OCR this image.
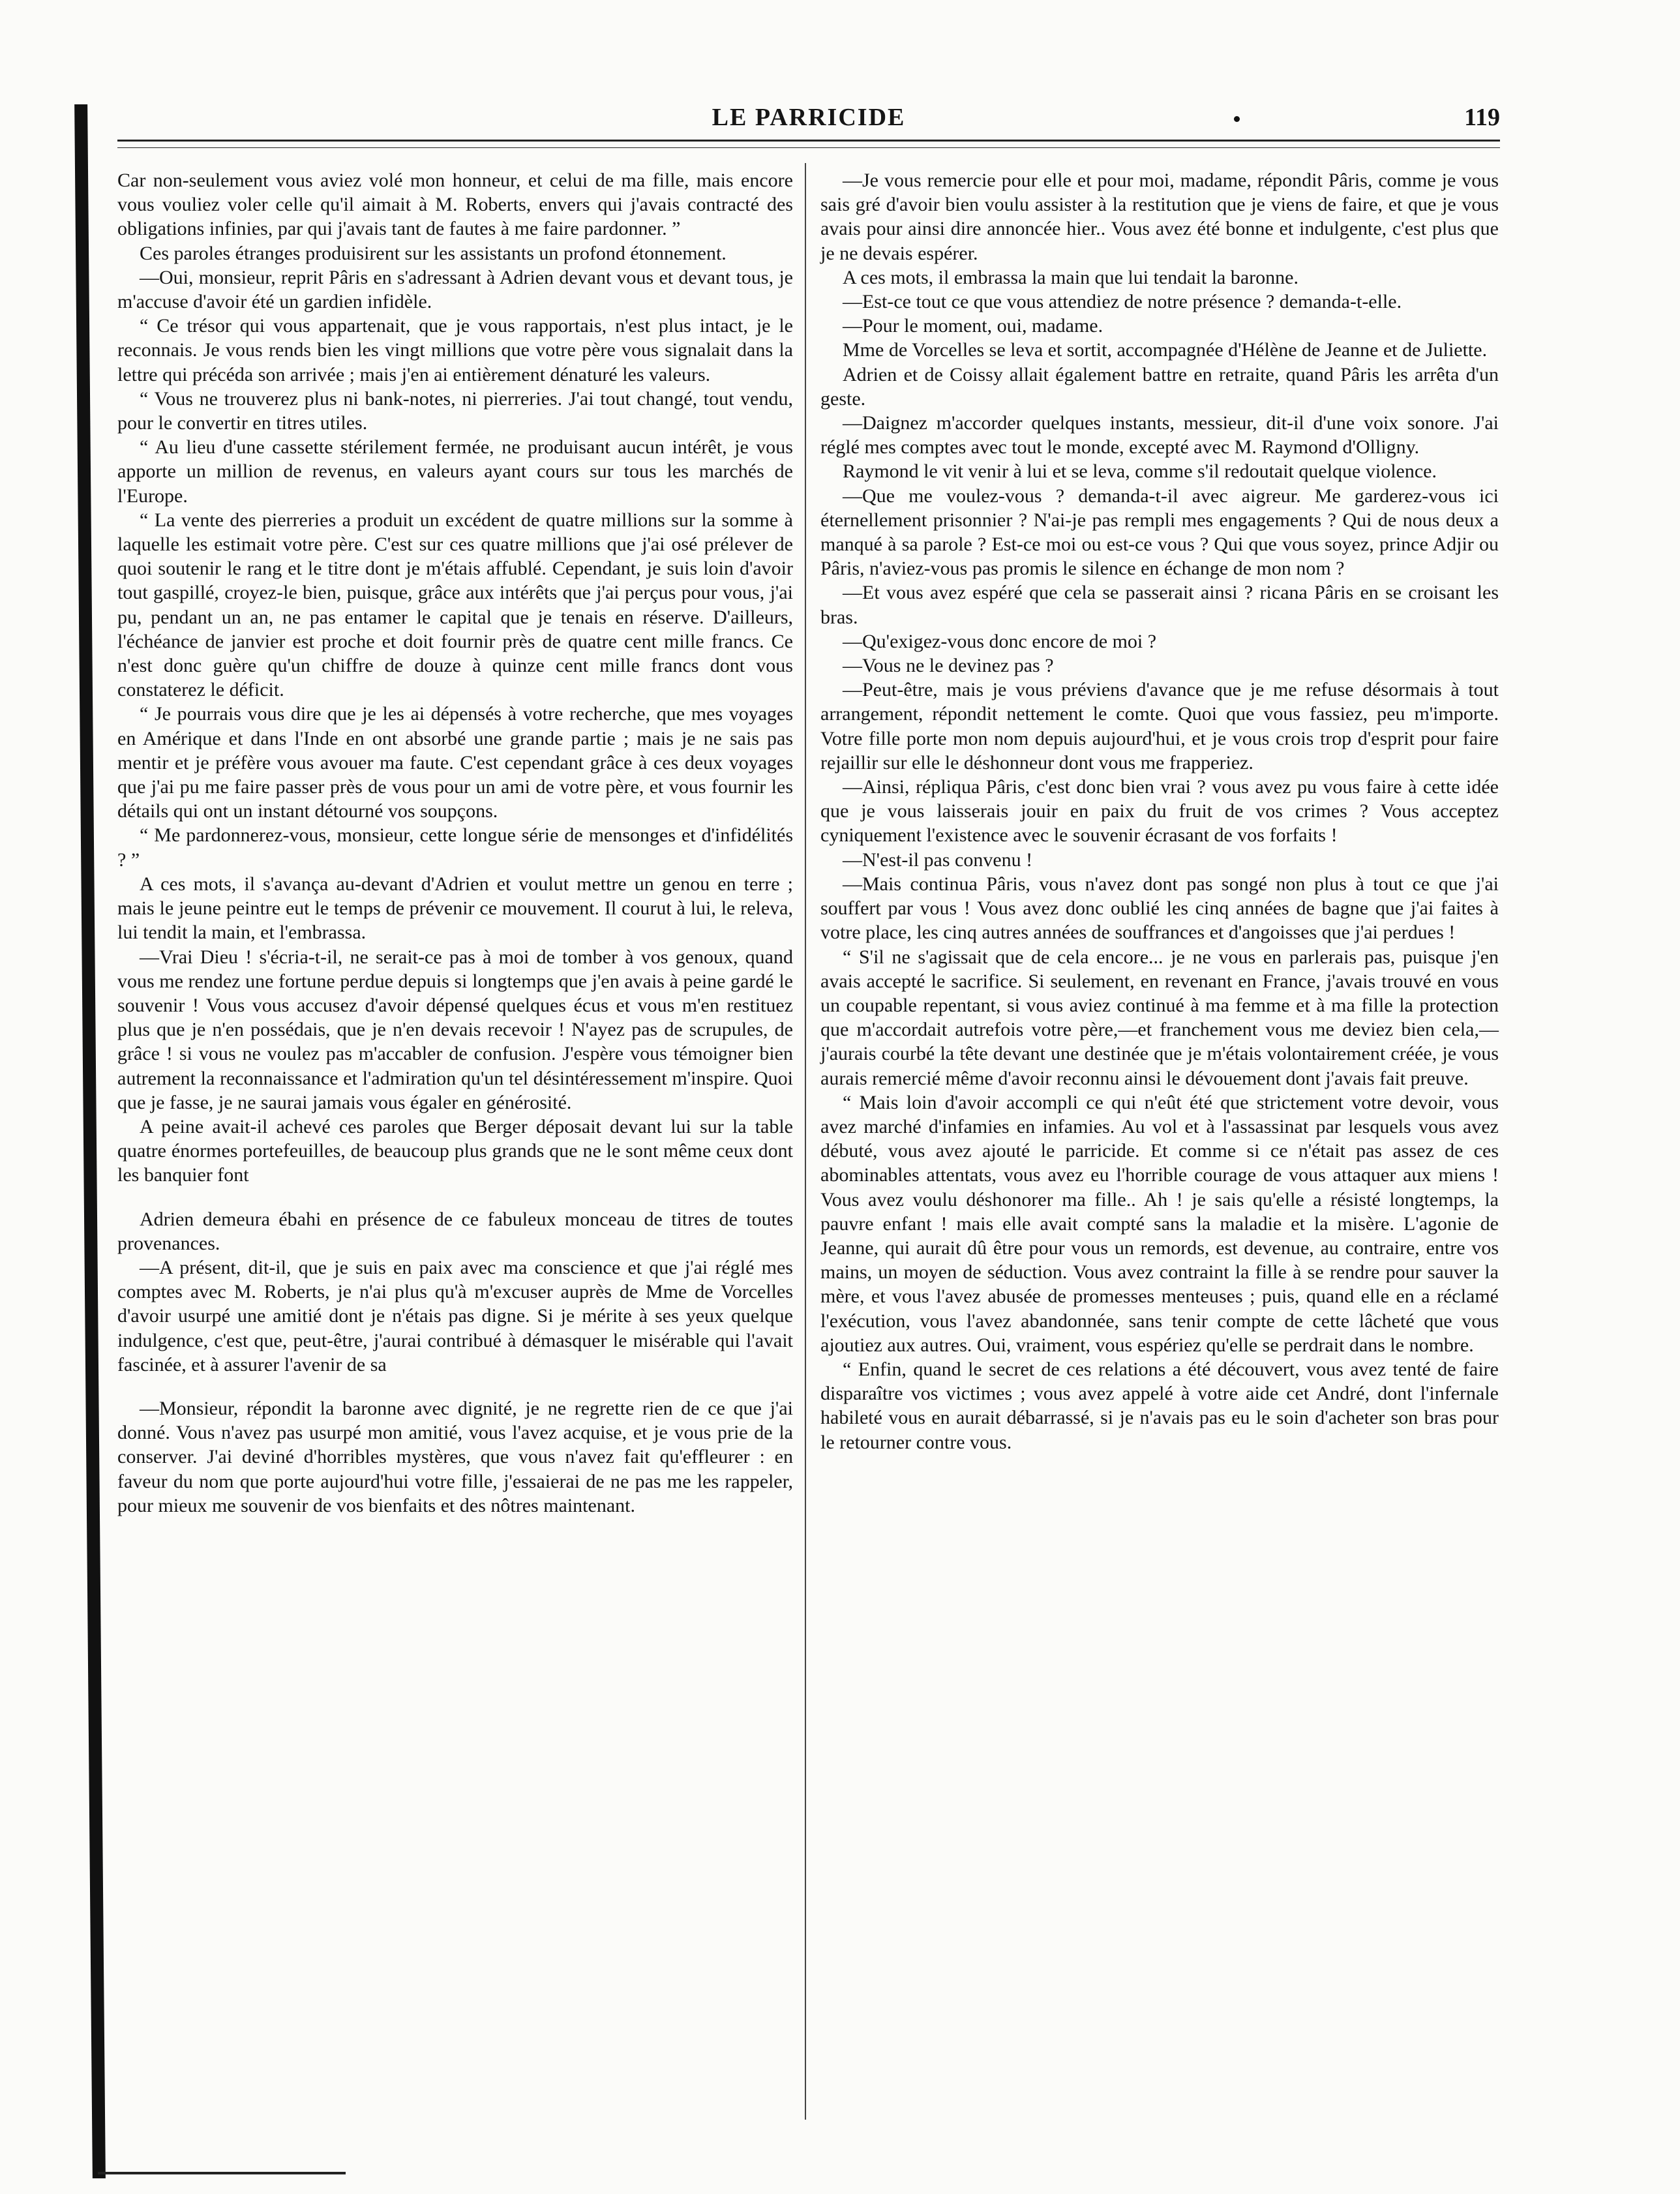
LE PARRICIDE	119

Car non-seulement vous aviez volé mon honneur, et celui de ma fille, mais encore vous vouliez voler celle qu'il aimait à M. Roberts, envers qui j'avais contracté des obligations infinies, par qui j'avais tant de fautes à me faire pardonner. ”

Ces paroles étranges produisirent sur les assistants un profond étonnement.

—Oui, monsieur, reprit Pâris en s'adressant à Adrien devant vous et devant tous, je m'accuse d'avoir été un gardien infidèle.

“ Ce trésor qui vous appartenait, que je vous rapportais, n'est plus intact, je le reconnais. Je vous rends bien les vingt millions que votre père vous signalait dans la lettre qui précéda son arrivée ; mais j'en ai entièrement dénaturé les valeurs.

“ Vous ne trouverez plus ni bank-notes, ni pierreries. J'ai tout changé, tout vendu, pour le convertir en titres utiles.

“ Au lieu d'une cassette stérilement fermée, ne produisant aucun intérêt, je vous apporte un million de revenus, en valeurs ayant cours sur tous les marchés de l'Europe.

“ La vente des pierreries a produit un excédent de quatre millions sur la somme à laquelle les estimait votre père. C'est sur ces quatre millions que j'ai osé prélever de quoi soutenir le rang et le titre dont je m'étais affublé. Cependant, je suis loin d'avoir tout gaspillé, croyez-le bien, puisque, grâce aux intérêts que j'ai perçus pour vous, j'ai pu, pendant un an, ne pas entamer le capital que je tenais en réserve. D'ailleurs, l'échéance de janvier est proche et doit fournir près de quatre cent mille francs. Ce n'est donc guère qu'un chiffre de douze à quinze cent mille francs dont vous constaterez le déficit.

“ Je pourrais vous dire que je les ai dépensés à votre recherche, que mes voyages en Amérique et dans l'Inde en ont absorbé une grande partie ; mais je ne sais pas mentir et je préfère vous avouer ma faute. C'est cependant grâce à ces deux voyages que j'ai pu me faire passer près de vous pour un ami de votre père, et vous fournir les détails qui ont un instant détourné vos soupçons.

“ Me pardonnerez-vous, monsieur, cette longue série de mensonges et d'infidélités ? ”

A ces mots, il s'avança au-devant d'Adrien et voulut mettre un genou en terre ; mais le jeune peintre eut le temps de prévenir ce mouvement. Il courut à lui, le releva, lui tendit la main, et l'embrassa.

—Vrai Dieu ! s'écria-t-il, ne serait-ce pas à moi de tomber à vos genoux, quand vous me rendez une fortune perdue depuis si longtemps que j'en avais à peine gardé le souvenir ! Vous vous accusez d'avoir dépensé quelques écus et vous m'en restituez plus que je n'en possédais, que je n'en devais recevoir ! N'ayez pas de scrupules, de grâce ! si vous ne voulez pas m'accabler de confusion. J'espère vous témoigner bien autrement la reconnaissance et l'admiration qu'un tel désintéressement m'inspire. Quoi que je fasse, je ne saurai jamais vous égaler en générosité.

A peine avait-il achevé ces paroles que Berger déposait devant lui sur la table quatre énormes portefeuilles, de beaucoup plus grands que ne le sont même ceux dont les banquier font

Adrien demeura ébahi en présence de ce fabuleux monceau de titres de toutes provenances.

—A présent, dit-il, que je suis en paix avec ma conscience et que j'ai réglé mes comptes avec M. Roberts, je n'ai plus qu'à m'excuser auprès de Mme de Vorcelles d'avoir usurpé une amitié dont je n'étais pas digne. Si je mérite à ses yeux quelque indulgence, c'est que, peut-être, j'aurai contribué à démasquer le misérable qui l'avait fascinée, et à assurer l'avenir de sa

—Monsieur, répondit la baronne avec dignité, je ne regrette rien de ce que j'ai donné. Vous n'avez pas usurpé mon amitié, vous l'avez acquise, et je vous prie de la conserver. J'ai deviné d'horribles mystères, que vous n'avez fait qu'effleurer : en faveur du nom que porte aujourd'hui votre fille, j'essaierai de ne pas me les rappeler, pour mieux me souvenir de vos bienfaits et des nôtres maintenant.

—Je vous remercie pour elle et pour moi, madame, répondit Pâris, comme je vous sais gré d'avoir bien voulu assister à la restitution que je viens de faire, et que je vous avais pour ainsi dire annoncée hier.. Vous avez été bonne et indulgente, c'est plus que je ne devais espérer.

A ces mots, il embrassa la main que lui tendait la baronne.

—Est-ce tout ce que vous attendiez de notre présence ? demanda-t-elle.

—Pour le moment, oui, madame.

Mme de Vorcelles se leva et sortit, accompagnée d'Hélène de Jeanne et de Juliette.

Adrien et de Coissy allait également battre en retraite, quand Pâris les arrêta d'un geste.

—Daignez m'accorder quelques instants, messieur, dit-il d'une voix sonore. J'ai réglé mes comptes avec tout le monde, excepté avec M. Raymond d'Olligny.

Raymond le vit venir à lui et se leva, comme s'il redoutait quelque violence.

—Que me voulez-vous ? demanda-t-il avec aigreur. Me garderez-vous ici éternellement prisonnier ? N'ai-je pas rempli mes engagements ? Qui de nous deux a manqué à sa parole ? Est-ce moi ou est-ce vous ? Qui que vous soyez, prince Adjir ou Pâris, n'aviez-vous pas promis le silence en échange de mon nom ?

—Et vous avez espéré que cela se passerait ainsi ? ricana Pâris en se croisant les bras.

—Qu'exigez-vous donc encore de moi ?

—Vous ne le devinez pas ?

—Peut-être, mais je vous préviens d'avance que je me refuse désormais à tout arrangement, répondit nettement le comte. Quoi que vous fassiez, peu m'importe. Votre fille porte mon nom depuis aujourd'hui, et je vous crois trop d'esprit pour faire rejaillir sur elle le déshonneur dont vous me frapperiez.

—Ainsi, répliqua Pâris, c'est donc bien vrai ? vous avez pu vous faire à cette idée que je vous laisserais jouir en paix du fruit de vos crimes ? Vous acceptez cyniquement l'existence avec le souvenir écrasant de vos forfaits !

—N'est-il pas convenu !

—Mais continua Pâris, vous n'avez dont pas songé non plus à tout ce que j'ai souffert par vous ! Vous avez donc oublié les cinq années de bagne que j'ai faites à votre place, les cinq autres années de souffrances et d'angoisses que j'ai perdues !

“ S'il ne s'agissait que de cela encore... je ne vous en parlerais pas, puisque j'en avais accepté le sacrifice. Si seulement, en revenant en France, j'avais trouvé en vous un coupable repentant, si vous aviez continué à ma femme et à ma fille la protection que m'accordait autrefois votre père,—et franchement vous me deviez bien cela,—j'aurais courbé la tête devant une destinée que je m'étais volontairement créée, je vous aurais remercié même d'avoir reconnu ainsi le dévouement dont j'avais fait preuve.

“ Mais loin d'avoir accompli ce qui n'eût été que strictement votre devoir, vous avez marché d'infamies en infamies. Au vol et à l'assassinat par lesquels vous avez débuté, vous avez ajouté le parricide. Et comme si ce n'était pas assez de ces abominables attentats, vous avez eu l'horrible courage de vous attaquer aux miens ! Vous avez voulu déshonorer ma fille.. Ah ! je sais qu'elle a résisté longtemps, la pauvre enfant ! mais elle avait compté sans la maladie et la misère. L'agonie de Jeanne, qui aurait dû être pour vous un remords, est devenue, au contraire, entre vos mains, un moyen de séduction. Vous avez contraint la fille à se rendre pour sauver la mère, et vous l'avez abusée de promesses menteuses ; puis, quand elle en a réclamé l'exécution, vous l'avez abandonnée, sans tenir compte de cette lâcheté que vous ajoutiez aux autres. Oui, vraiment, vous espériez qu'elle se perdrait dans le nombre.

“ Enfin, quand le secret de ces relations a été découvert, vous avez tenté de faire disparaître vos victimes ; vous avez appelé à votre aide cet André, dont l'infernale habileté vous en aurait débarrassé, si je n'avais pas eu le soin d'acheter son bras pour le retourner contre vous.
